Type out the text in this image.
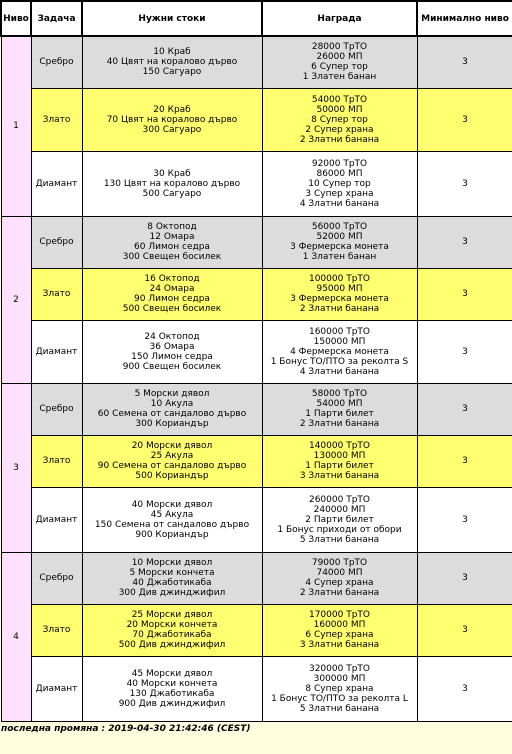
Ниво	Задача	Нужни стоки	Награда	Минимално ниво
1	Сребро	10 Краб
40 Цвят на кораловo дърво
150 Сагуаро	28000 ТрТО
26000 МП
6 Супер тор
1 Златен банан	3
	Злато	20 Краб
70 Цвят на кораловo дърво
300 Сагуаро	54000 ТрТО
50000 МП
8 Супер тор
2 Супер храна
2 Златни банана	3
	Диамант	30 Краб
130 Цвят на кораловo дърво
500 Сагуаро	92000 ТрТО
86000 МП
10 Супер тор
3 Супер храна
4 Златни банана	3
2	Сребро	8 Октопод
12 Омара
60 Лимон седра
300 Свещен босилек	56000 ТрТО
52000 МП
3 Фермерска монета
1 Златен банан	3
	Злато	16 Октопод
24 Омара
90 Лимон седра
500 Свещен босилек	100000 ТрТО
95000 МП
3 Фермерска монета
2 Златни банана	3
	Диамант	24 Октопод
36 Омара
150 Лимон седра
900 Свещен босилек	160000 ТрТО
150000 МП
4 Фермерска монета
1 Бонус ТО/ПТО за реколта S
4 Златни банана	3
3	Сребро	5 Морски дявол
10 Акула
60 Семена от сандалово дърво
300 Кориандър	58000 ТрТО
54000 МП
1 Парти билет
2 Златни банана	3
	Злато	20 Морски дявол
25 Акула
90 Семена от сандалово дърво
500 Кориандър	140000 ТрТО
130000 МП
1 Парти билет
3 Златни банана	3
	Диамант	40 Морски дявол
45 Акула
150 Семена от сандалово дърво
900 Кориандър	260000 ТрТО
240000 МП
2 Парти билет
1 Бонус приходи от обори
5 Златни банана	3
4	Сребро	10 Морски дявол
5 Морски кончета
40 Джаботикаба
300 Див джинджифил	79000 ТрТО
74000 МП
4 Супер храна
2 Златни банана	3
	Злато	25 Морски дявол
20 Морски кончета
70 Джаботикаба
500 Див джинджифил	170000 ТрТО
160000 МП
6 Супер храна
3 Златни банана	3
	Диамант	45 Морски дявол
40 Морски кончета
130 Джаботикаба
900 Див джинджифил	320000 ТрТО
300000 МП
8 Супер храна
1 Бонус ТО/ПТО за реколта L
5 Златни банана	3
последна промяна : 2019-04-30 21:42:46 (CEST)
